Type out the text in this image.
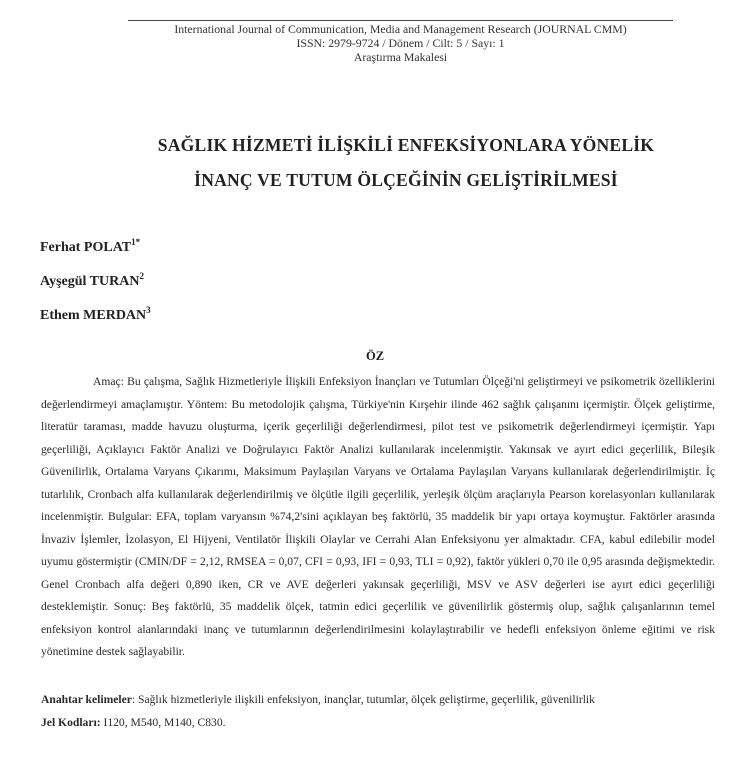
International Journal of Communication, Media and Management Research (JOURNAL CMM)
ISSN: 2979-9724 / Dönem / Cilt: 5 / Sayı: 1
Araştırma Makalesi
SAĞLIK HİZMETİ İLİŞKİLİ ENFEKSİYONLARA YÖNELİK
İNANÇ VE TUTUM ÖLÇEĞİNİN GELİŞTİRİLMESİ
Ferhat $POLAT^{1*}$
Ayşegül TURAN$^2$
Ethem MERDAN$^3$
ÖZ

Amaç: Bu çalışma, Sağlık Hizmetleriyle İlişkili Enfeksiyon İnançları ve Tutumları Ölçeği'ni geliştirmeyi ve psikometrik özelliklerini değerlendirmeyi amaçlamıştır. Yöntem: Bu metodolojik çalışma, Türkiye'nin Kırşehir ilinde 462 sağlık çalışanını içermiştir. Ölçek geliştirme, literatür taraması, madde havuzu oluşturma, içerik geçerliliği değerlendirmesi, pilot test ve psikometrik değerlendirmeyi içermiştir. Yapı geçerliliği, Açıklayıcı Faktör Analizi ve Doğrulayıcı Faktör Analizi kullanılarak incelenmiştir. Yakınsak ve ayırt edici geçerlilik, Bileşik Güvenilirlik, Ortalama Varyans Çıkarımı, Maksimum Paylaşılan Varyans ve Ortalama Paylaşılan Varyans kullanılarak değerlendirilmiştir. İç tutarlılık, Cronbach alfa kullanılarak değerlendirilmiş ve ölçütle ilgili geçerlilik, yerleşik ölçüm araçlarıyla Pearson korelasyonları kullanılarak incelenmiştir. Bulgular: EFA, toplam varyansın %74,2'sini açıklayan beş faktörlü, 35 maddelik bir yapı ortaya koymuştur. Faktörler arasında İnvaziv İşlemler, İzolasyon, El Hijyeni, Ventilatör İlişkili Olaylar ve Cerrahi Alan Enfeksiyonu yer almaktadır. CFA, kabul edilebilir model uyumu göstermiştir (CMIN/DF = 2,12, RMSEA = 0,07, CFI = 0,93, IFI = 0,93, TLI = 0,92), faktör yükleri 0,70 ile 0,95 arasında değişmektedir. Genel Cronbach alfa değeri 0,890 iken, CR ve AVE değerleri yakınsak geçerliliği, MSV ve ASV değerleri ise ayırt edici geçerliliği desteklemiştir. Sonuç: Beş faktörlü, 35 maddelik ölçek, tatmin edici geçerlilik ve güvenilirlik göstermiş olup, sağlık çalışanlarının temel enfeksiyon kontrol alanlarındaki inanç ve tutumlarının değerlendirilmesini kolaylaştırabilir ve hedefli enfeksiyon önleme eğitimi ve risk yönetimine destek sağlayabilir.

Anahtar kelimeler: Sağlık hizmetleriyle ilişkili enfeksiyon, inançlar, tutumlar, ölçek geliştirme, geçerlilik, güvenilirlik
Jel Kodları: I120, M540, M140, C830.
